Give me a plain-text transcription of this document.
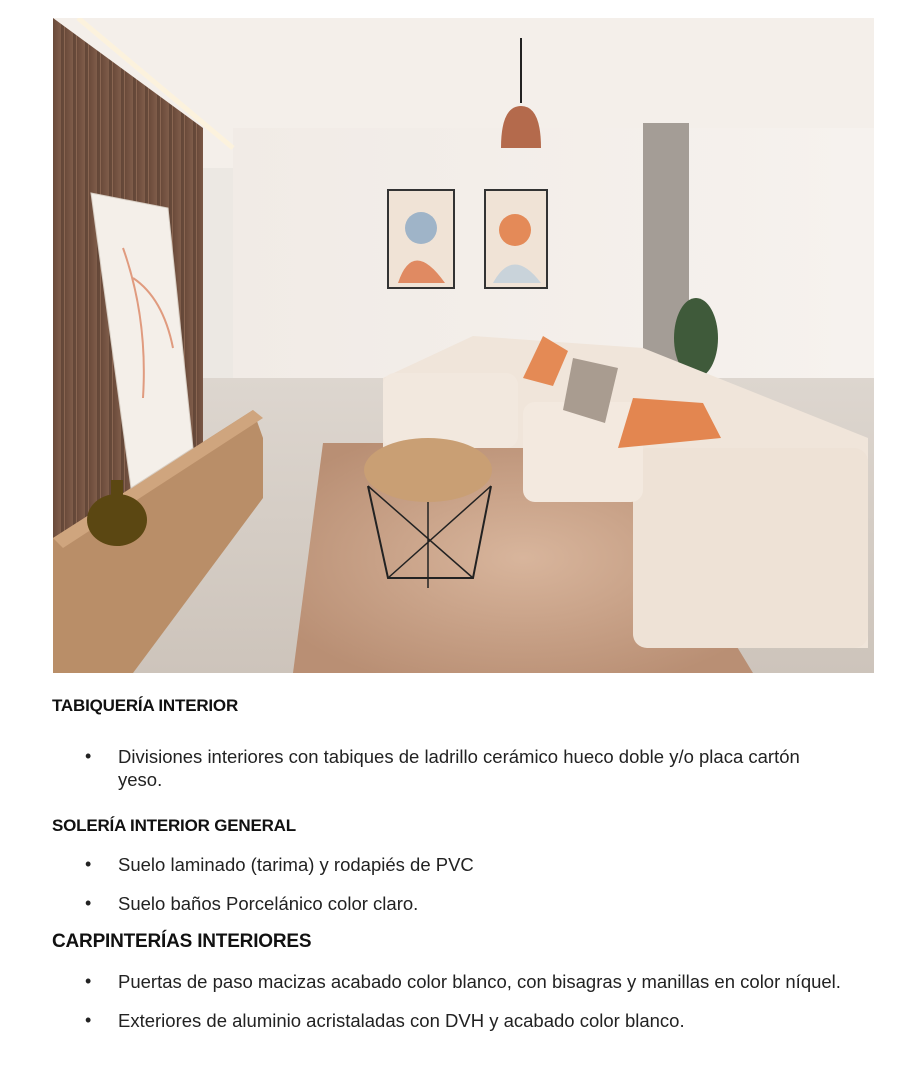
TABIQUERÍA INTERIOR
• Divisiones interiores con tabiques de ladrillo cerámico hueco doble y/o placa cartón yeso.
SOLERÍA INTERIOR GENERAL
• Suelo laminado (tarima) y rodapiés de PVC
• Suelo baños Porcelánico color claro.
CARPINTERÍAS INTERIORES
• Puertas de paso macizas acabado color blanco, con bisagras y manillas en color níquel.
• Exteriores de aluminio acristaladas con DVH y acabado color blanco.
